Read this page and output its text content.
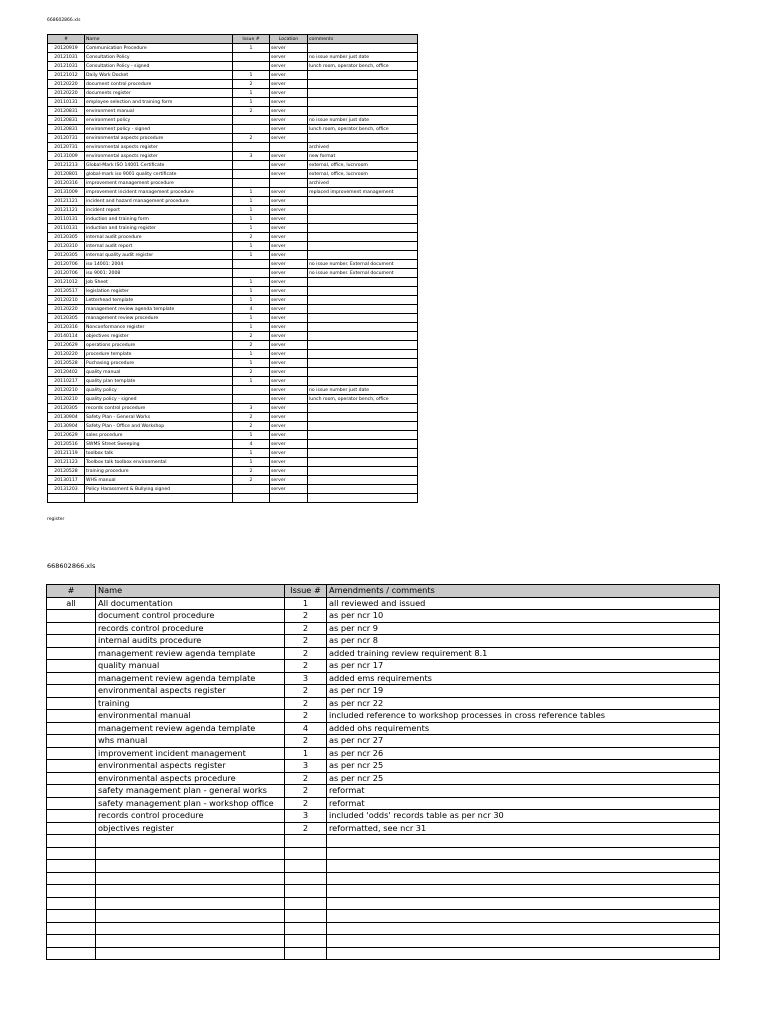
668602866.xls
#	Name	Issue #	Location	comments
20120919	Communication Procedure	1	server	
20121031	Consultation Policy		server	no issue number just date
20121031	Consultation Policy - signed		server	lunch room, operator bench, office
20121012	Daily Work Docket	1	server	
20120220	document control procedure	2	server	
20120220	documents register	1	server	
20110131	employee selection and training form	1	server	
20120831	environment manual	2	server	
20120831	environment policy		server	no issue number just date
20120831	environment policy - signed		server	lunch room, operator bench, office
20120731	environmental aspects procedure	2	server	
20120731	environmental aspects register			archived
20131009	environmental aspects register	3	server	new format
20121213	Global-Mark ISO 14001 Certificate		server	external, office, lucnroom
20120801	global-mark iso 9001 quality certificate		server	external, office, lucnroom
20120316	improvement management procedure			archived
20131009	improvement incident management procedure	1	server	replaced improvement management
20121121	incident and hazard management procedure	1	server	
20121121	incident report	1	server	
20110131	induction and training form	1	server	
20110131	induction and training register	1	server	
20120305	internal audit procedure	2	server	
20120310	internal audit report	1	server	
20120305	internal quality audit register	1	server	
20120706	iso 14001: 2004		server	no issue number. External document
20120706	iso 9001: 2008		server	no issue number. External document
20121012	Job Sheet	1	server	
20120517	legislation register	1	server	
20120210	Letterhead template	1	server	
20120220	management review agenda template	4	server	
20120305	management review procedure	1	server	
20120316	Nonconformance register	1	server	
20140114	objectives register	2	server	
20120629	operations procedure	2	server	
20120220	procedure template	1	server	
20120528	Puchasing procedure	1	server	
20120402	quality manual	2	server	
20110217	quality plan template	1	server	
20120210	quality policy		server	no issue number just date
20120210	quality policy - signed		server	lunch room, operator bench, office
20120305	records control procedure	3	server	
20130904	Safety Plan - General Works	2	server	
20130904	Safety Plan - Office and Workshop	2	server	
20120629	sales procedure	1	server	
20120516	SWMS Street Sweeping	4	server	
20121119	toolbox talk	1	server	
20121123	Toolbox talk toolbox environmental	1	server	
20120528	training procedure	2	server	
20130117	WHS manual	2	server	
20131203	Policy Harassment & Bullying signed		server	

register
668602866.xls
#	Name	Issue #	Amendments / comments
all	All documentation	1	all reviewed and issued
	document control procedure	2	as per ncr 10
	records control procedure	2	as per ncr 9
	internal audits procedure	2	as per ncr 8
	management review agenda template	2	added training review requirement 8.1
	quality manual	2	as per ncr 17
	management review agenda template	3	added ems requirements
	environmental aspects register	2	as per ncr 19
	training	2	as per ncr 22
	environmental manual	2	included reference to workshop processes in cross reference tables
	management review agenda template	4	added ohs requirements
	whs manual	2	as per ncr 27
	improvement incident management	1	as per ncr 26
	environmental aspects register	3	as per ncr 25
	environmental aspects procedure	2	as per ncr 25
	safety management plan - general works	2	reformat
	safety management plan - workshop office	2	reformat
	records control procedure	3	included 'odds' records table as per ncr 30
	objectives register	2	reformatted, see ncr 31
